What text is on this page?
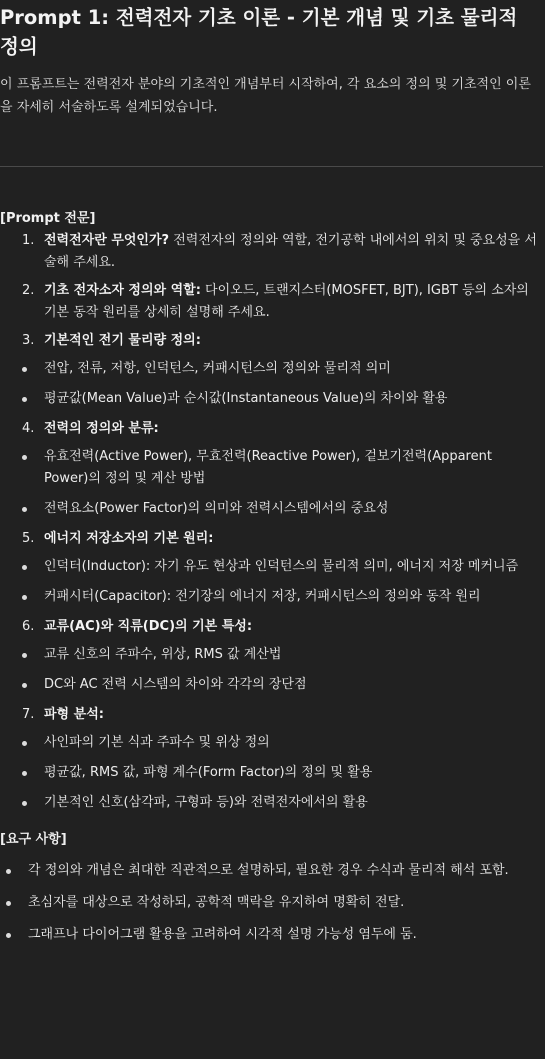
Prompt 1: 전력전자 기초 이론 - 기본 개념 및 기초 물리적 정의

이 프롬프트는 전력전자 분야의 기초적인 개념부터 시작하여, 각 요소의 정의 및 기초적인 이론을 자세히 서술하도록 설계되었습니다.

[Prompt 전문]
1. 전력전자란 무엇인가? 전력전자의 정의와 역할, 전기공학 내에서의 위치 및 중요성을 서술해 주세요.
2. 기초 전자소자 정의와 역할: 다이오드, 트랜지스터(MOSFET, BJT), IGBT 등의 소자의 기본 동작 원리를 상세히 설명해 주세요.
3. 기본적인 전기 물리량 정의:
전압, 전류, 저항, 인덕턴스, 커패시턴스의 정의와 물리적 의미
평균값(Mean Value)과 순시값(Instantaneous Value)의 차이와 활용
4. 전력의 정의와 분류:
유효전력(Active Power), 무효전력(Reactive Power), 겉보기전력(Apparent Power)의 정의 및 계산 방법
전력요소(Power Factor)의 의미와 전력시스템에서의 중요성
5. 에너지 저장소자의 기본 원리:
인덕터(Inductor): 자기 유도 현상과 인덕턴스의 물리적 의미, 에너지 저장 메커니즘
커패시터(Capacitor): 전기장의 에너지 저장, 커패시턴스의 정의와 동작 원리
6. 교류(AC)와 직류(DC)의 기본 특성:
교류 신호의 주파수, 위상, RMS 값 계산법
DC와 AC 전력 시스템의 차이와 각각의 장단점
7. 파형 분석:
사인파의 기본 식과 주파수 및 위상 정의
평균값, RMS 값, 파형 계수(Form Factor)의 정의 및 활용
기본적인 신호(삼각파, 구형파 등)와 전력전자에서의 활용
[요구 사항]
각 정의와 개념은 최대한 직관적으로 설명하되, 필요한 경우 수식과 물리적 해석 포함.
초심자를 대상으로 작성하되, 공학적 맥락을 유지하여 명확히 전달.
그래프나 다이어그램 활용을 고려하여 시각적 설명 가능성 염두에 둠.
